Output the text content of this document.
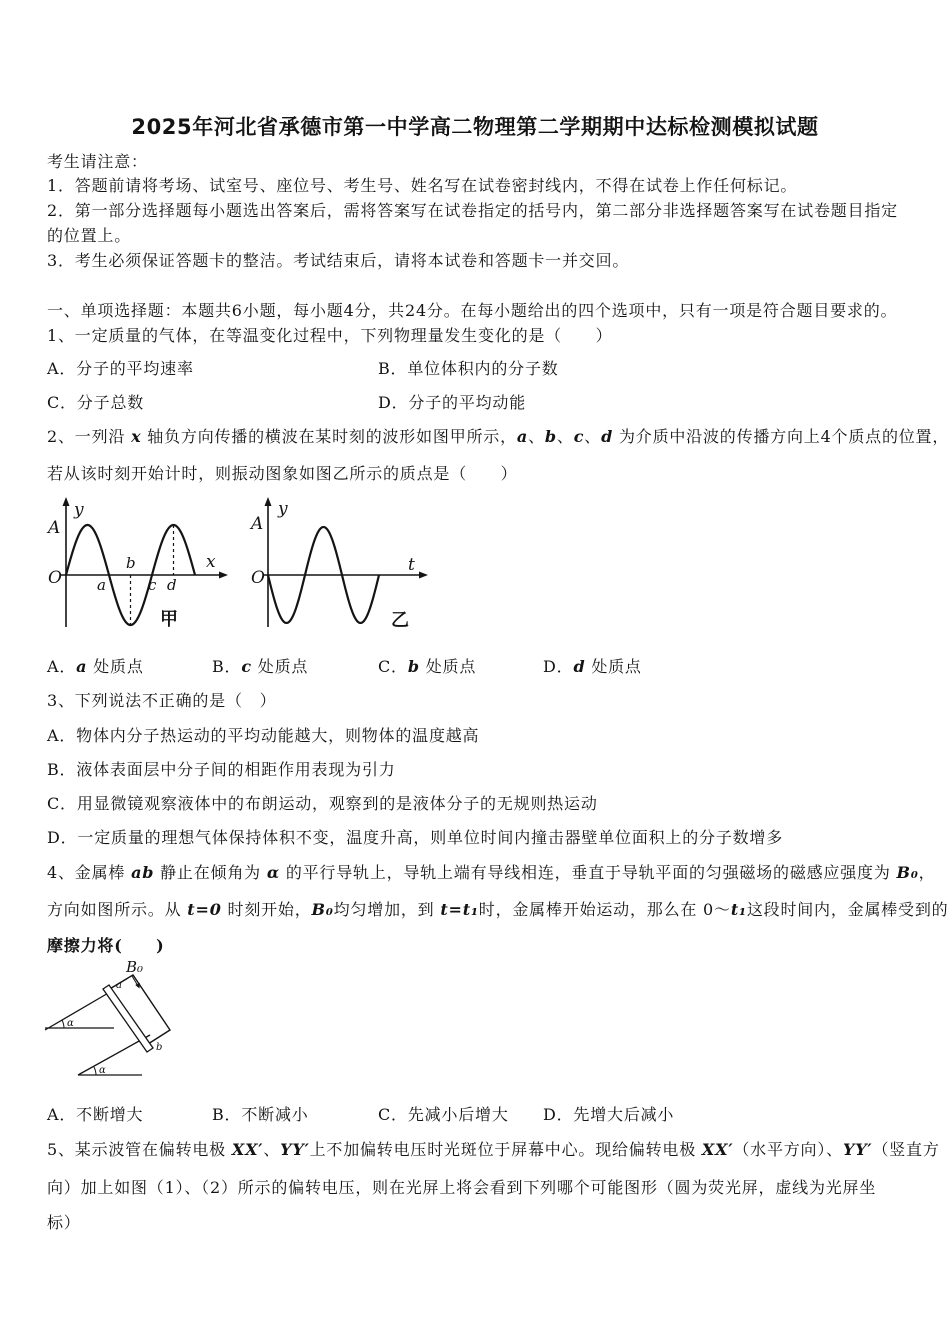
2025年河北省承德市第一中学高二物理第二学期期中达标检测模拟试题
考生请注意：
1．答题前请将考场、试室号、座位号、考生号、姓名写在试卷密封线内，不得在试卷上作任何标记。
2．第一部分选择题每小题选出答案后，需将答案写在试卷指定的括号内，第二部分非选择题答案写在试卷题目指定
的位置上。
3．考生必须保证答题卡的整洁。考试结束后，请将本试卷和答题卡一并交回。
一、单项选择题：本题共6小题，每小题4分，共24分。在每小题给出的四个选项中，只有一项是符合题目要求的。
1、一定质量的气体，在等温变化过程中，下列物理量发生变化的是（　　）
A．分子的平均速率	B．单位体积内的分子数
C．分子总数	D．分子的平均动能
2、一列沿 x 轴负方向传播的横波在某时刻的波形如图甲所示，a、b、c、d 为介质中沿波的传播方向上4个质点的位置，
若从该时刻开始计时，则振动图象如图乙所示的质点是（　　）
A
y
O
x
a
b
c d
甲
A
y
O
t
乙
A．a 处质点	B．c 处质点	C．b 处质点	D．d 处质点
3、下列说法不正确的是（　）
A．物体内分子热运动的平均动能越大，则物体的温度越高
B．液体表面层中分子间的相距作用表现为引力
C．用显微镜观察液体中的布朗运动，观察到的是液体分子的无规则热运动
D．一定质量的理想气体保持体积不变，温度升高，则单位时间内撞击器壁单位面积上的分子数增多
4、金属棒 ab 静止在倾角为 α 的平行导轨上，导轨上端有导线相连，垂直于导轨平面的匀强磁场的磁感应强度为 B₀，
方向如图所示。从 t=0 时刻开始，B₀均匀增加，到 t=t₁时，金属棒开始运动，那么在 0～t₁这段时间内，金属棒受到的
摩擦力将(　　)
B₀
a
b
α
α
A．不断增大	B．不断减小	C．先减小后增大 D．先增大后减小
5、某示波管在偏转电极 XX′、YY′上不加偏转电压时光斑位于屏幕中心。现给偏转电极 XX′（水平方向）、YY′（竖直方
向）加上如图（1）、（2）所示的偏转电压，则在光屏上将会看到下列哪个可能图形（圆为荧光屏，虚线为光屏坐
标）
